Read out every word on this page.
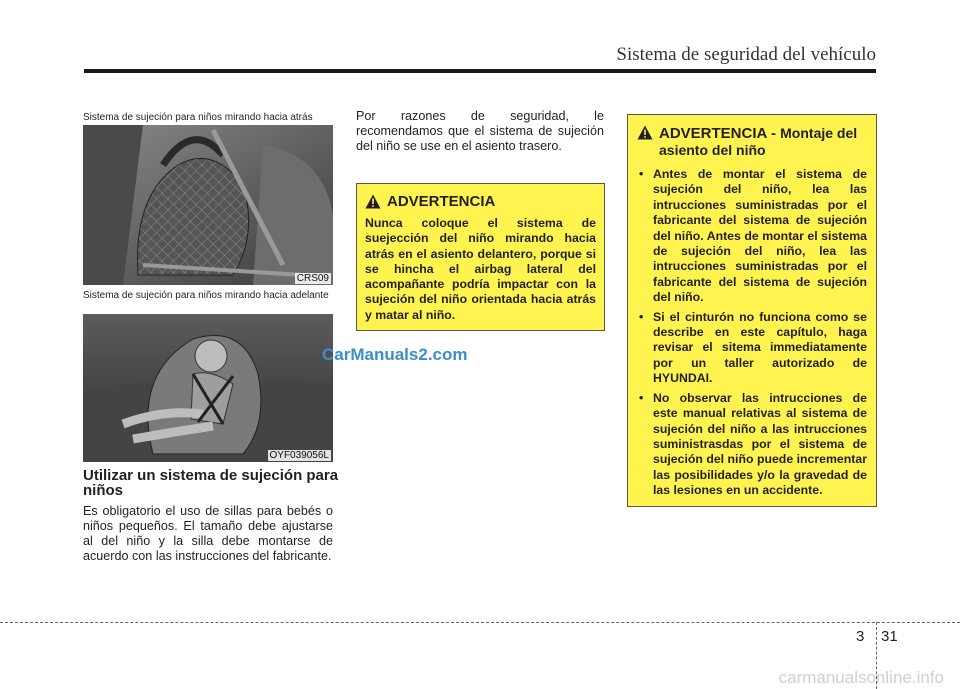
Sistema de seguridad del vehículo
Sistema de sujeción para niños mirando hacia atrás
CRS09
Sistema de sujeción para niños mirando hacia adelante
OYF039056L
CarManuals2.com
Utilizar un sistema de sujeción para niños
Es obligatorio el uso de sillas para bebés o niños pequeños. El tamaño debe ajustarse al del niño y la silla debe montarse de acuerdo con las instrucciones del fabricante.
Por razones de seguridad, le recomendamos que el sistema de sujeción del niño se use en el asiento trasero.
ADVERTENCIA
Nunca coloque el sistema de suejección del niño mirando hacia atrás en el asiento delantero, porque si se hincha el airbag lateral del acompañante podría impactar con la sujeción del niño orientada hacia atrás y matar al niño.
ADVERTENCIA - Montaje del asiento del niño
• Antes de montar el sistema de sujeción del niño, lea las intrucciones suministradas por el fabricante del sistema de sujeción del niño. Antes de montar el sistema de sujeción del niño, lea las intrucciones suministradas por el fabricante del sistema de sujeción del niño.
• Si el cinturón no funciona como se describe en este capítulo, haga revisar el sitema immediatamente por un taller autorizado de HYUNDAI.
• No observar las intrucciones de este manual relativas al sistema de sujeción del niño a las intrucciones suministrasdas por el sistema de sujeción del niño puede incrementar las posibilidades y/o la gravedad de las lesiones en un accidente.
3 31
carmanualsonline.info
